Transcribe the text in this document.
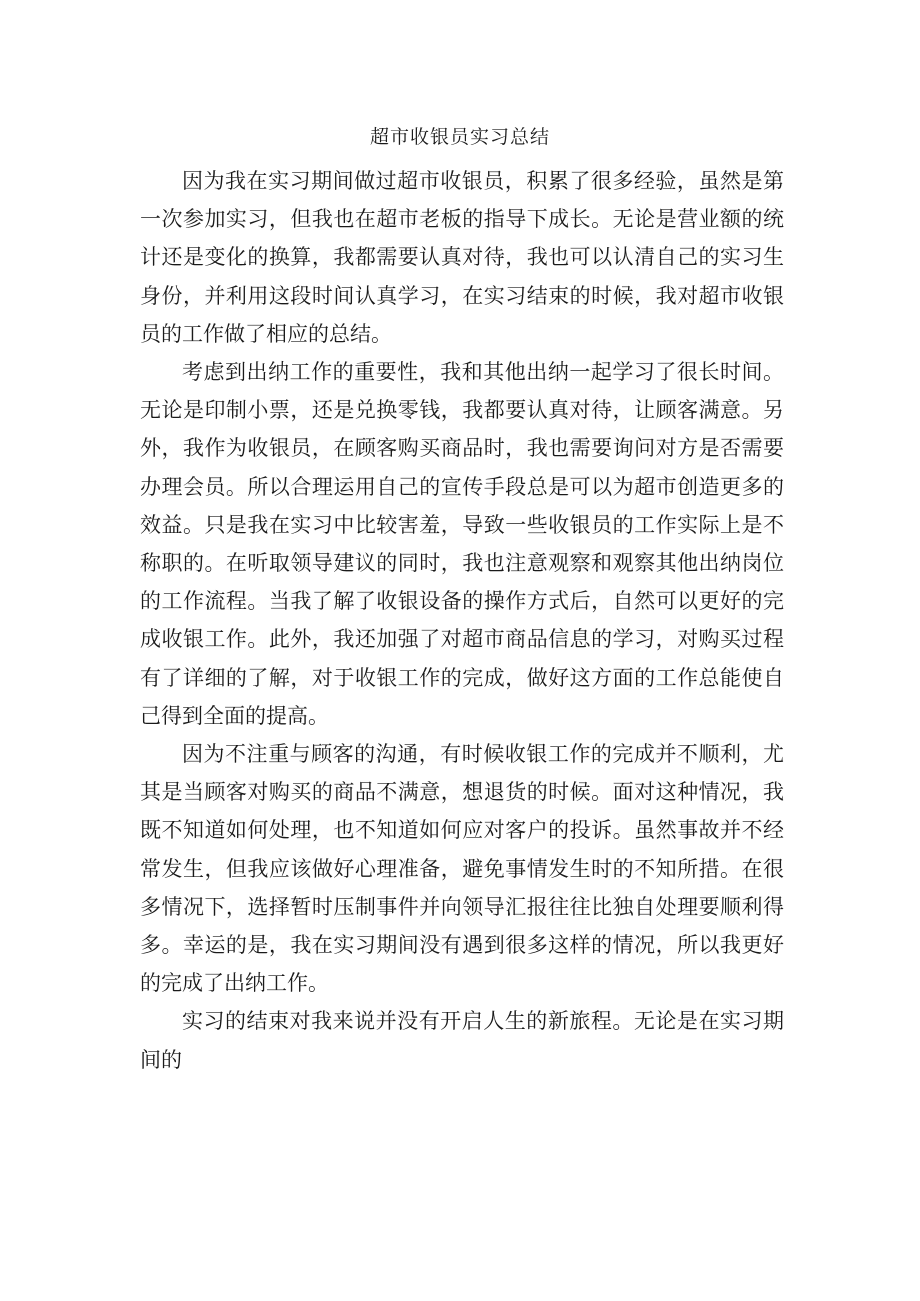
超市收银员实习总结

因为我在实习期间做过超市收银员，积累了很多经验，虽然是第一次参加实习，但我也在超市老板的指导下成长。无论是营业额的统计还是变化的换算，我都需要认真对待，我也可以认清自己的实习生身份，并利用这段时间认真学习，在实习结束的时候，我对超市收银员的工作做了相应的总结。

考虑到出纳工作的重要性，我和其他出纳一起学习了很长时间。无论是印制小票，还是兑换零钱，我都要认真对待，让顾客满意。另外，我作为收银员，在顾客购买商品时，我也需要询问对方是否需要办理会员。所以合理运用自己的宣传手段总是可以为超市创造更多的效益。只是我在实习中比较害羞，导致一些收银员的工作实际上是不称职的。在听取领导建议的同时，我也注意观察和观察其他出纳岗位的工作流程。当我了解了收银设备的操作方式后，自然可以更好的完成收银工作。此外，我还加强了对超市商品信息的学习，对购买过程有了详细的了解，对于收银工作的完成，做好这方面的工作总能使自己得到全面的提高。

因为不注重与顾客的沟通，有时候收银工作的完成并不顺利，尤其是当顾客对购买的商品不满意，想退货的时候。面对这种情况，我既不知道如何处理，也不知道如何应对客户的投诉。虽然事故并不经常发生，但我应该做好心理准备，避免事情发生时的不知所措。在很多情况下，选择暂时压制事件并向领导汇报往往比独自处理要顺利得多。幸运的是，我在实习期间没有遇到很多这样的情况，所以我更好的完成了出纳工作。

实习的结束对我来说并没有开启人生的新旅程。无论是在实习期间的
